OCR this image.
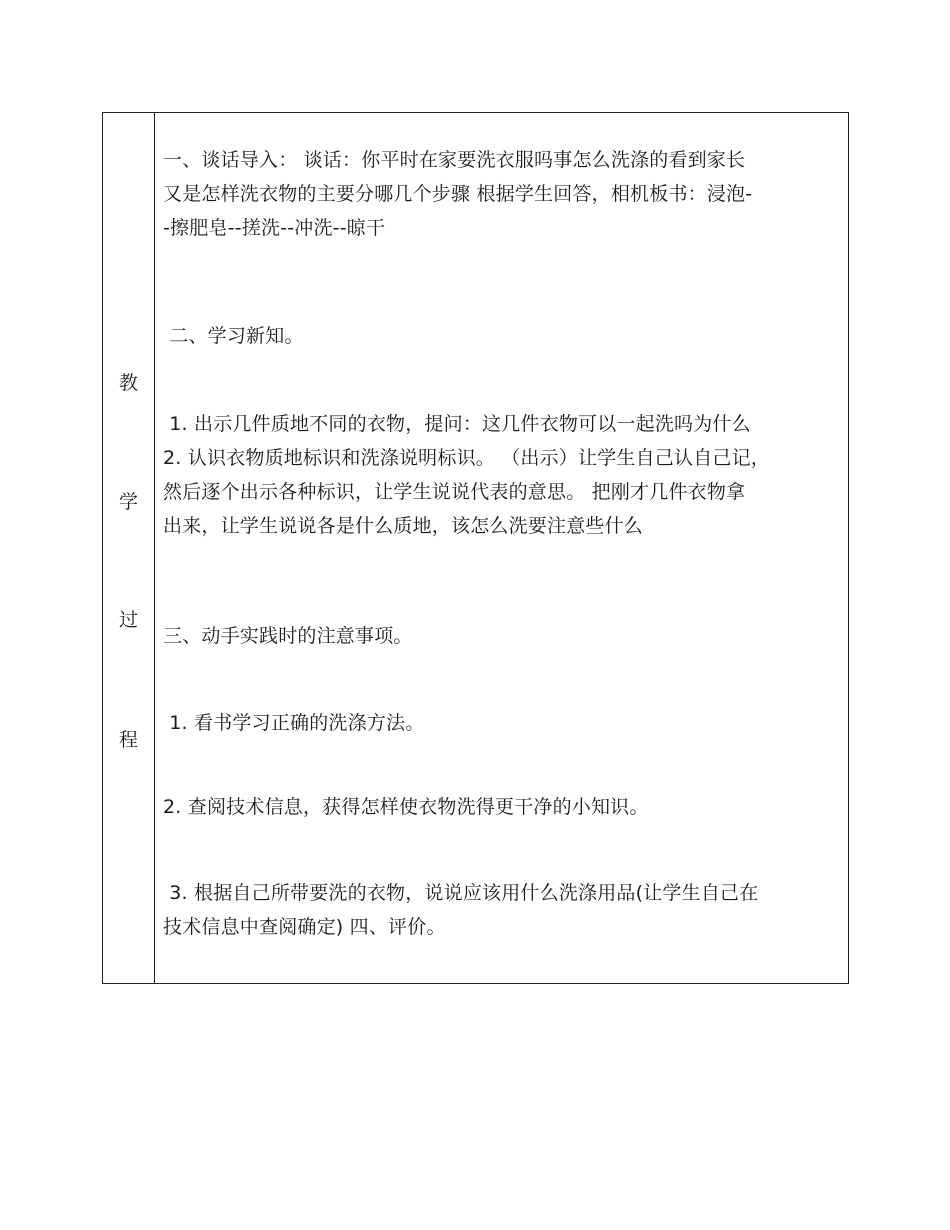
教
学
过
程
一、谈话导入： 谈话：你平时在家要洗衣服吗事怎么洗涤的看到家长
又是怎样洗衣物的主要分哪几个步骤 根据学生回答，相机板书：浸泡-
-擦肥皂--搓洗--冲洗--晾干
二、学习新知。
1. 出示几件质地不同的衣物，提问：这几件衣物可以一起洗吗为什么
2. 认识衣物质地标识和洗涤说明标识。 （出示）让学生自己认自己记，
然后逐个出示各种标识，让学生说说代表的意思。 把刚才几件衣物拿
出来，让学生说说各是什么质地，该怎么洗要注意些什么
三、动手实践时的注意事项。
1. 看书学习正确的洗涤方法。
2. 查阅技术信息，获得怎样使衣物洗得更干净的小知识。
3. 根据自己所带要洗的衣物，说说应该用什么洗涤用品(让学生自己在
技术信息中查阅确定) 四、评价。
